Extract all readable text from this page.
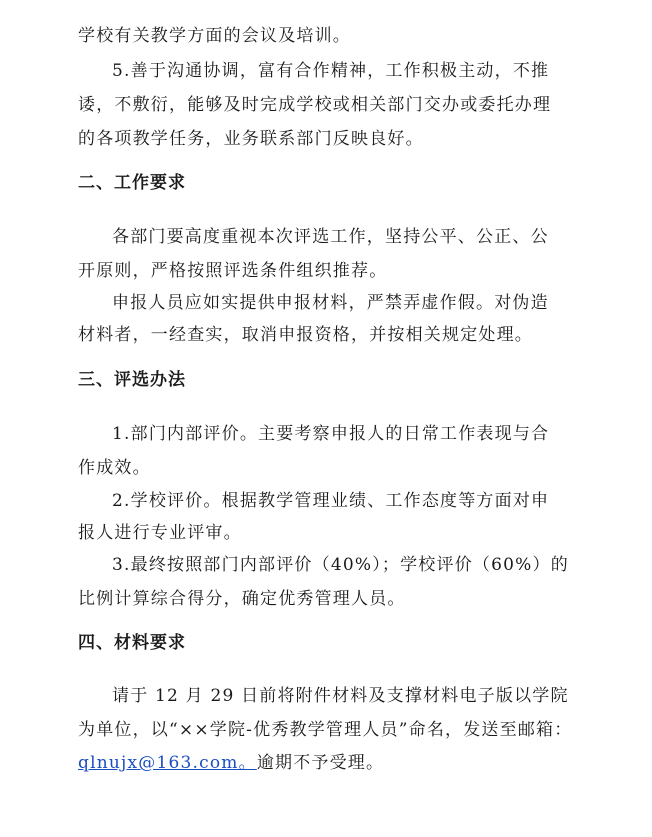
学校有关教学方面的会议及培训。
5.善于沟通协调，富有合作精神，工作积极主动，不推
诿，不敷衍，能够及时完成学校或相关部门交办或委托办理
的各项教学任务，业务联系部门反映良好。
二、工作要求
各部门要高度重视本次评选工作，坚持公平、公正、公
开原则，严格按照评选条件组织推荐。
申报人员应如实提供申报材料，严禁弄虚作假。对伪造
材料者，一经查实，取消申报资格，并按相关规定处理。
三、评选办法
1.部门内部评价。主要考察申报人的日常工作表现与合
作成效。
2.学校评价。根据教学管理业绩、工作态度等方面对申
报人进行专业评审。
3.最终按照部门内部评价（40%）；学校评价（60%）的
比例计算综合得分，确定优秀管理人员。
四、材料要求
请于 12 月 29 日前将附件材料及支撑材料电子版以学院
为单位，以“××学院-优秀教学管理人员”命名，发送至邮箱：
qlnujx@163.com。逾期不予受理。
